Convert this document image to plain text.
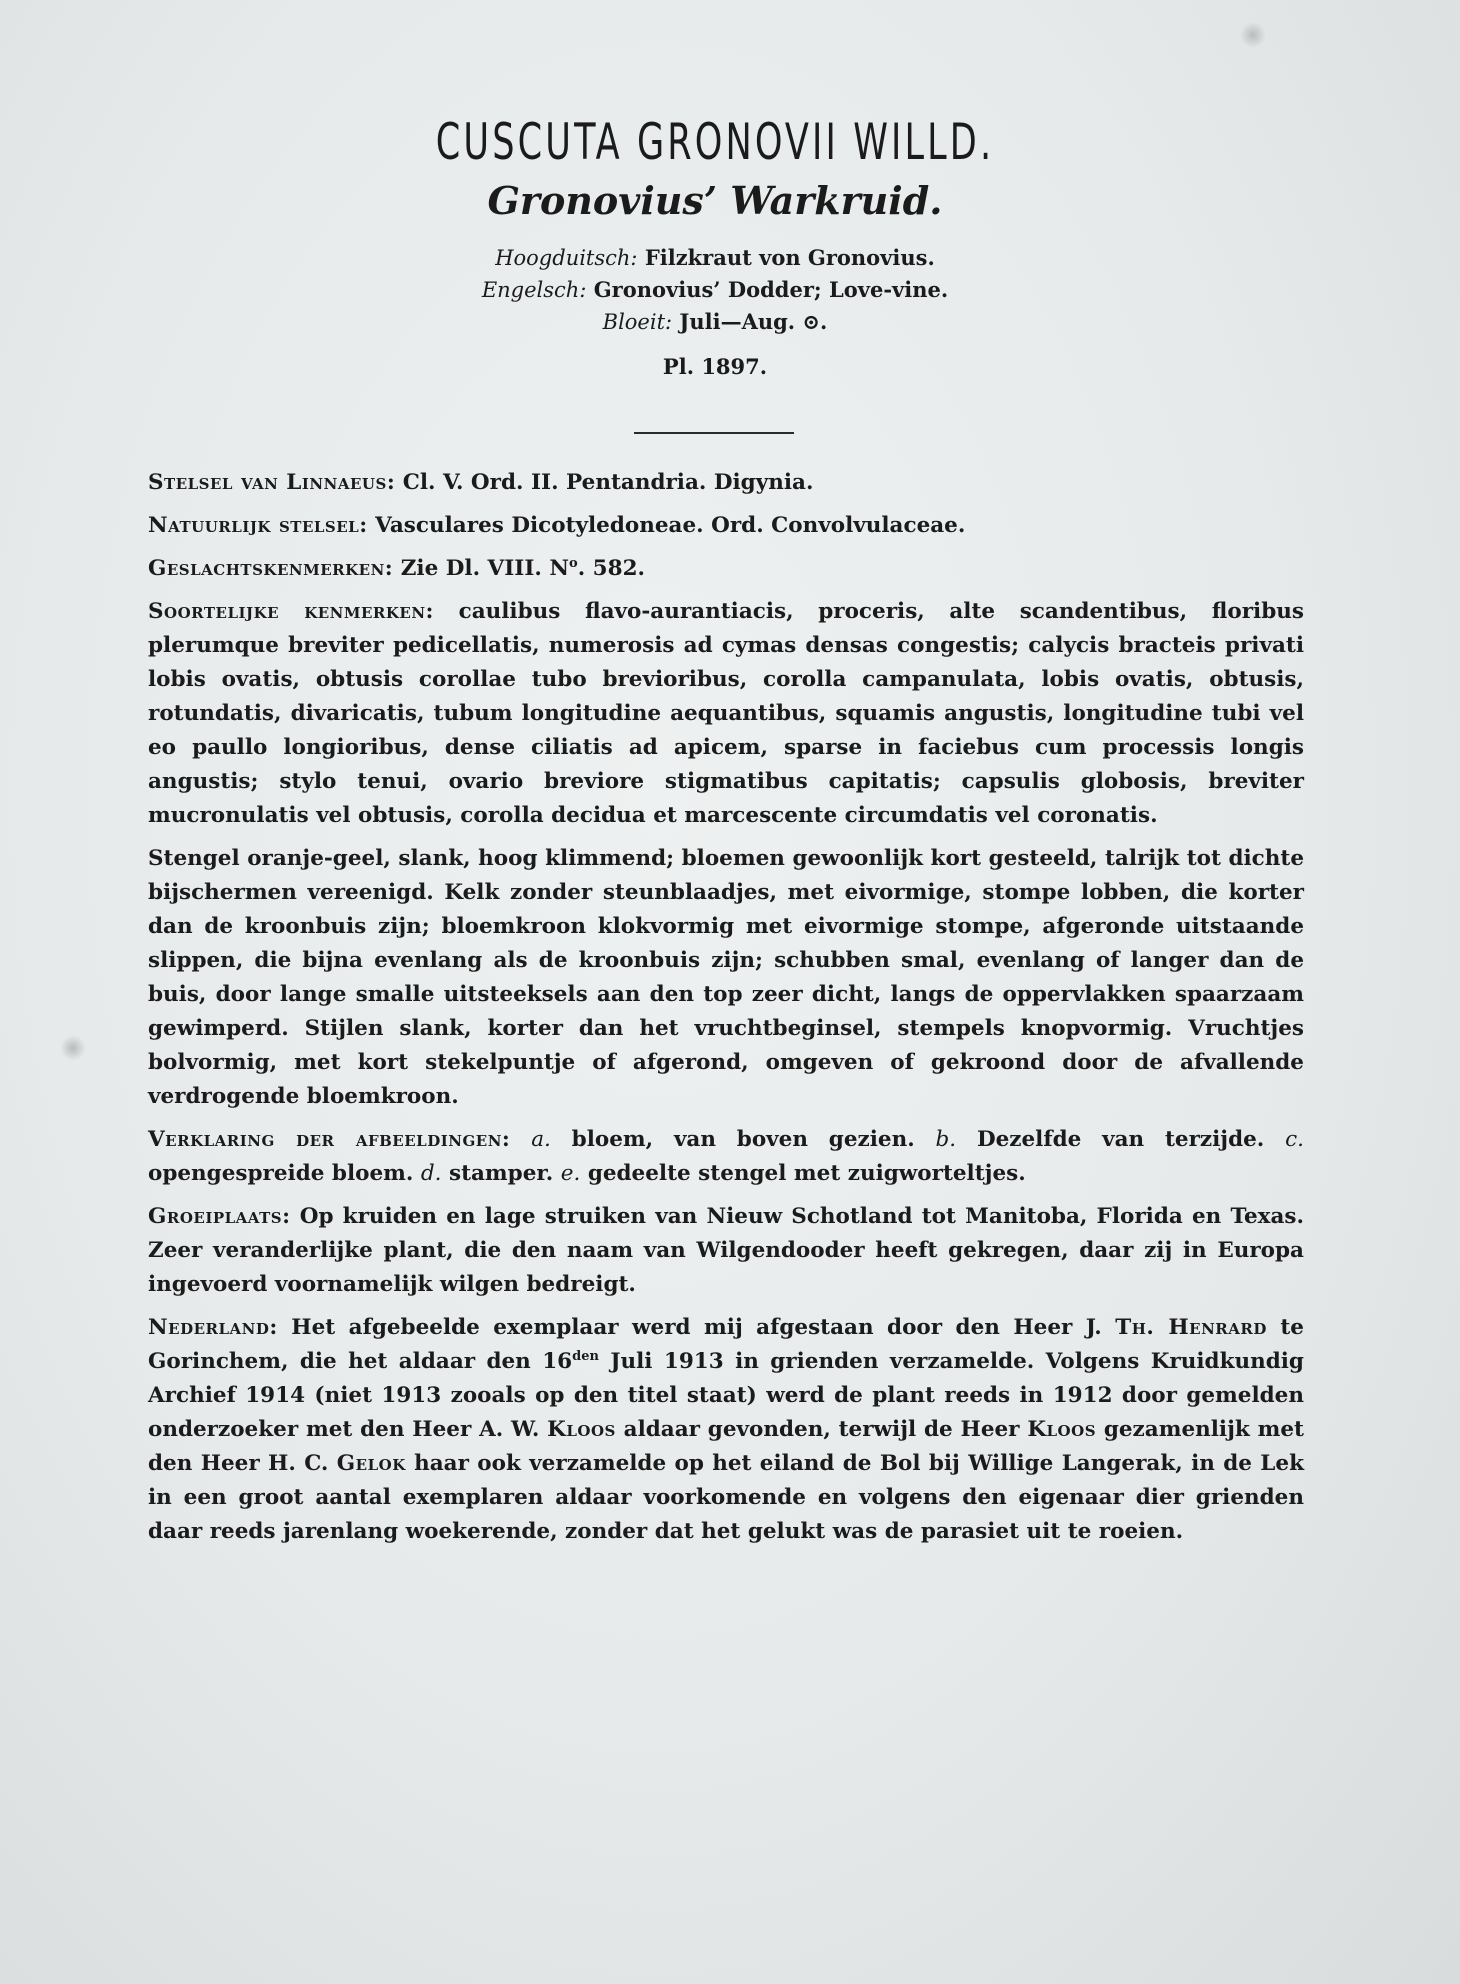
CUSCUTA GRONOVII WILLD.
Gronovius’ Warkruid.
Hoogduitsch: Filzkraut von Gronovius.
Engelsch: Gronovius’ Dodder; Love-vine.
Bloeit: Juli—Aug. ⊙.
Pl. 1897.

Stelsel van Linnaeus: Cl. V. Ord. II. Pentandria. Digynia.

Natuurlijk stelsel: Vasculares Dicotyledoneae. Ord. Convolvulaceae.

Geslachtskenmerken: Zie Dl. VIII. $N^o$. 582.

Soortelijke kenmerken: caulibus flavo-aurantiacis, proceris, alte scandentibus, floribus plerumque breviter pedicellatis, numerosis ad cymas densas congestis; calycis bracteis privati lobis ovatis, obtusis corollae tubo brevioribus, corolla campanulata, lobis ovatis, obtusis, rotundatis, divaricatis, tubum longitudine aequantibus, squamis angustis, longitudine tubi vel eo paullo longioribus, dense ciliatis ad apicem, sparse in faciebus cum processis longis angustis; stylo tenui, ovario breviore stigmatibus capitatis; capsulis globosis, breviter mucronulatis vel obtusis, corolla decidua et marcescente circumdatis vel coronatis.

Stengel oranje-geel, slank, hoog klimmend; bloemen gewoonlijk kort gesteeld, talrijk tot dichte bijschermen vereenigd. Kelk zonder steunblaadjes, met eivormige, stompe lobben, die korter dan de kroonbuis zijn; bloemkroon klokvormig met eivormige stompe, afgeronde uitstaande slippen, die bijna evenlang als de kroonbuis zijn; schubben smal, evenlang of langer dan de buis, door lange smalle uitsteeksels aan den top zeer dicht, langs de oppervlakken spaarzaam gewimperd. Stijlen slank, korter dan het vruchtbeginsel, stempels knopvormig. Vruchtjes bolvormig, met kort stekelpuntje of afgerond, omgeven of gekroond door de afvallende verdrogende bloemkroon.

Verklaring der afbeeldingen: a. bloem, van boven gezien. b. Dezelfde van terzijde. c. opengespreide bloem. d. stamper. e. gedeelte stengel met zuigworteltjes.

Groeiplaats: Op kruiden en lage struiken van Nieuw Schotland tot Manitoba, Florida en Texas. Zeer veranderlijke plant, die den naam van Wilgendooder heeft gekregen, daar zij in Europa ingevoerd voornamelijk wilgen bedreigt.

Nederland: Het afgebeelde exemplaar werd mij afgestaan door den Heer J. Th. Henrard te Gorinchem, die het aldaar den $16^{den}$ Juli 1913 in grienden verzamelde. Volgens Kruidkundig Archief 1914 (niet 1913 zooals op den titel staat) werd de plant reeds in 1912 door gemelden onderzoeker met den Heer A. W. Kloos aldaar gevonden, terwijl de Heer Kloos gezamenlijk met den Heer H. C. Gelok haar ook verzamelde op het eiland de Bol bij Willige Langerak, in de Lek in een groot aantal exemplaren aldaar voorkomende en volgens den eigenaar dier grienden daar reeds jarenlang woekerende, zonder dat het gelukt was de parasiet uit te roeien.
